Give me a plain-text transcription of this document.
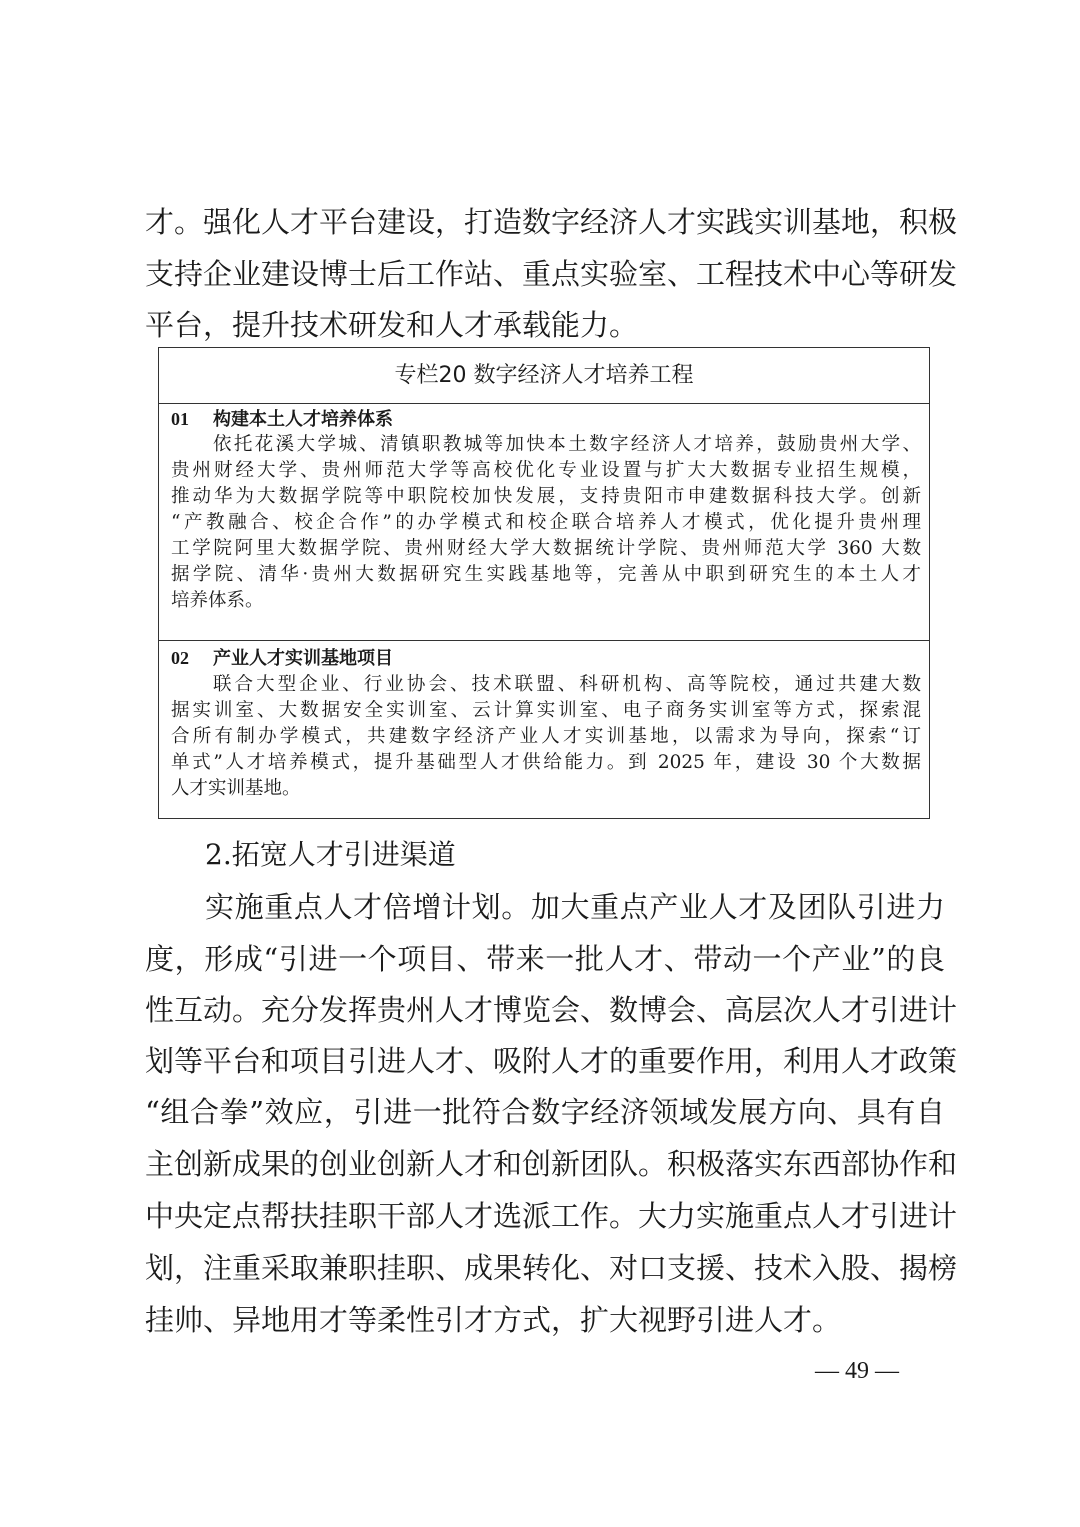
才。强化人才平台建设，打造数字经济人才实践实训基地，积极
支持企业建设博士后工作站、重点实验室、工程技术中心等研发
平台，提升技术研发和人才承载能力。
专栏20 数字经济人才培养工程
01 构建本土人才培养体系
依托花溪大学城、清镇职教城等加快本土数字经济人才培养，鼓励贵州大学、
贵州财经大学、贵州师范大学等高校优化专业设置与扩大大数据专业招生规模，
推动华为大数据学院等中职院校加快发展，支持贵阳市申建数据科技大学。创新
“产教融合、校企合作”的办学模式和校企联合培养人才模式，优化提升贵州理
工学院阿里大数据学院、贵州财经大学大数据统计学院、贵州师范大学 360 大数
据学院、清华·贵州大数据研究生实践基地等，完善从中职到研究生的本土人才
培养体系。
02 产业人才实训基地项目
联合大型企业、行业协会、技术联盟、科研机构、高等院校，通过共建大数
据实训室、大数据安全实训室、云计算实训室、电子商务实训室等方式，探索混
合所有制办学模式，共建数字经济产业人才实训基地，以需求为导向，探索“订
单式”人才培养模式，提升基础型人才供给能力。到 2025 年，建设 30 个大数据
人才实训基地。
2.拓宽人才引进渠道
实施重点人才倍增计划。加大重点产业人才及团队引进力
度，形成“引进一个项目、带来一批人才、带动一个产业”的良
性互动。充分发挥贵州人才博览会、数博会、高层次人才引进计
划等平台和项目引进人才、吸附人才的重要作用，利用人才政策
“组合拳”效应，引进一批符合数字经济领域发展方向、具有自
主创新成果的创业创新人才和创新团队。积极落实东西部协作和
中央定点帮扶挂职干部人才选派工作。大力实施重点人才引进计
划，注重采取兼职挂职、成果转化、对口支援、技术入股、揭榜
挂帅、异地用才等柔性引才方式，扩大视野引进人才。
— 49 —
